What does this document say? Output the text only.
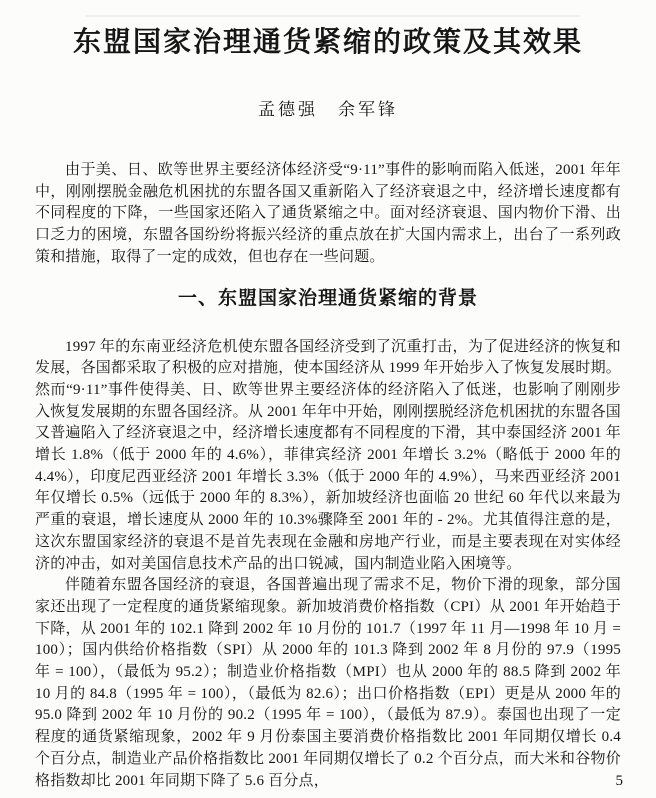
东盟国家治理通货紧缩的政策及其效果
孟德强　余军锋

由于美、日、欧等世界主要经济体经济受“9·11”事件的影响而陷入低迷，2001 年年中，刚刚摆脱金融危机困扰的东盟各国又重新陷入了经济衰退之中，经济增长速度都有不同程度的下降，一些国家还陷入了通货紧缩之中。面对经济衰退、国内物价下滑、出口乏力的困境，东盟各国纷纷将振兴经济的重点放在扩大国内需求上，出台了一系列政策和措施，取得了一定的成效，但也存在一些问题。

一、东盟国家治理通货紧缩的背景

1997 年的东南亚经济危机使东盟各国经济受到了沉重打击，为了促进经济的恢复和发展，各国都采取了积极的应对措施，使本国经济从 1999 年开始步入了恢复发展时期。然而“9·11”事件使得美、日、欧等世界主要经济体的经济陷入了低迷，也影响了刚刚步入恢复发展期的东盟各国经济。从 2001 年年中开始，刚刚摆脱经济危机困扰的东盟各国又普遍陷入了经济衰退之中，经济增长速度都有不同程度的下滑，其中泰国经济 2001 年增长 1.8%（低于 2000 年的 4.6%），菲律宾经济 2001 年增长 3.2%（略低于 2000 年的 4.4%），印度尼西亚经济 2001 年增长 3.3%（低于 2000 年的 4.9%），马来西亚经济 2001 年仅增长 0.5%（远低于 2000 年的 8.3%），新加坡经济也面临 20 世纪 60 年代以来最为严重的衰退，增长速度从 2000 年的 10.3%骤降至 2001 年的 - 2%。尤其值得注意的是，这次东盟国家经济的衰退不是首先表现在金融和房地产行业，而是主要表现在对实体经济的冲击，如对美国信息技术产品的出口锐减，国内制造业陷入困境等。

伴随着东盟各国经济的衰退，各国普遍出现了需求不足，物价下滑的现象，部分国家还出现了一定程度的通货紧缩现象。新加坡消费价格指数（CPI）从 2001 年开始趋于下降，从 2001 年的 102.1 降到 2002 年 10 月份的 101.7（1997 年 11 月—1998 年 10 月 = 100）；国内供给价格指数（SPI）从 2000 年的 101.3 降到 2002 年 8 月份的 97.9（1995 年 = 100），（最低为 95.2）；制造业价格指数（MPI）也从 2000 年的 88.5 降到 2002 年 10 月的 84.8（1995 年 = 100），（最低为 82.6）；出口价格指数（EPI）更是从 2000 年的 95.0 降到 2002 年 10 月份的 90.2（1995 年 = 100），（最低为 87.9）。泰国也出现了一定程度的通货紧缩现象，2002 年 9 月份泰国主要消费价格指数比 2001 年同期仅增长 0.4 个百分点，制造业产品价格指数比 2001 年同期仅增长了 0.2 个百分点，而大米和谷物价格指数却比 2001 年同期下降了 5.6 百分点，	5
